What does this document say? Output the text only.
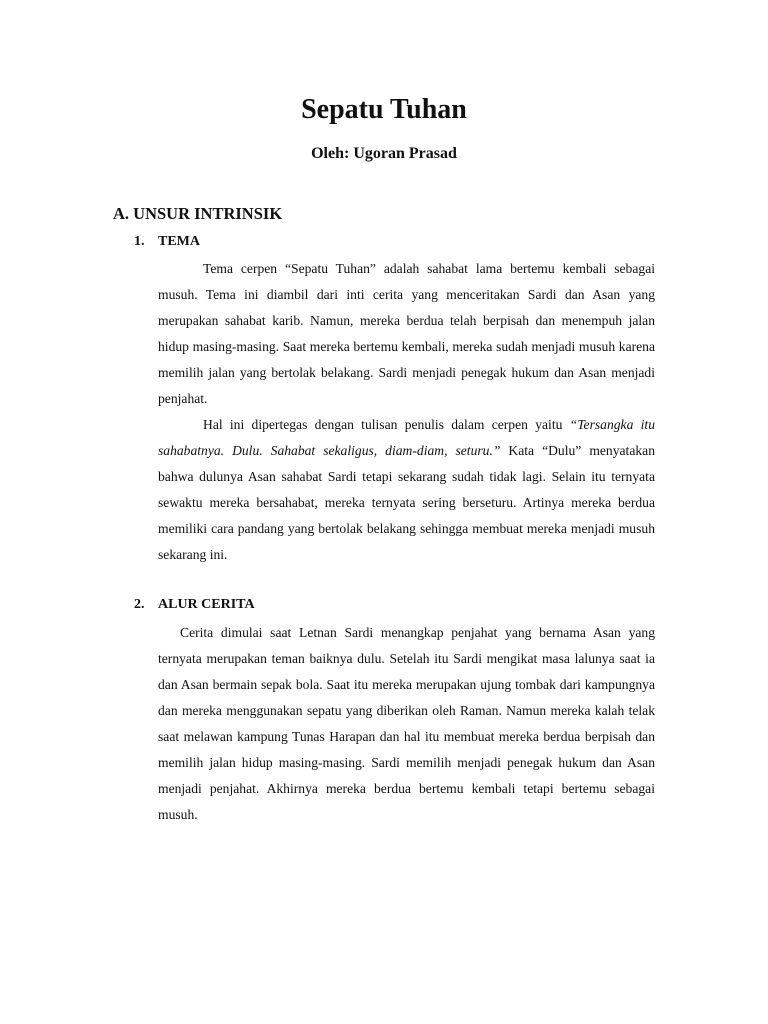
Sepatu Tuhan
Oleh: Ugoran Prasad
A. UNSUR INTRINSIK
1. TEMA

Tema cerpen “Sepatu Tuhan” adalah sahabat lama bertemu kembali sebagai musuh. Tema ini diambil dari inti cerita yang menceritakan Sardi dan Asan yang merupakan sahabat karib. Namun, mereka berdua telah berpisah dan menempuh jalan hidup masing-masing. Saat mereka bertemu kembali, mereka sudah menjadi musuh karena memilih jalan yang bertolak belakang. Sardi menjadi penegak hukum dan Asan menjadi penjahat.

Hal ini dipertegas dengan tulisan penulis dalam cerpen yaitu “Tersangka itu sahabatnya. Dulu. Sahabat sekaligus, diam-diam, seturu.” Kata “Dulu” menyatakan bahwa dulunya Asan sahabat Sardi tetapi sekarang sudah tidak lagi. Selain itu ternyata sewaktu mereka bersahabat, mereka ternyata sering berseturu. Artinya mereka berdua memiliki cara pandang yang bertolak belakang sehingga membuat mereka menjadi musuh sekarang ini.

2. ALUR CERITA

Cerita dimulai saat Letnan Sardi menangkap penjahat yang bernama Asan yang ternyata merupakan teman baiknya dulu. Setelah itu Sardi mengikat masa lalunya saat ia dan Asan bermain sepak bola. Saat itu mereka merupakan ujung tombak dari kampungnya dan mereka menggunakan sepatu yang diberikan oleh Raman. Namun mereka kalah telak saat melawan kampung Tunas Harapan dan hal itu membuat mereka berdua berpisah dan memilih jalan hidup masing-masing. Sardi memilih menjadi penegak hukum dan Asan menjadi penjahat. Akhirnya mereka berdua bertemu kembali tetapi bertemu sebagai musuh.
